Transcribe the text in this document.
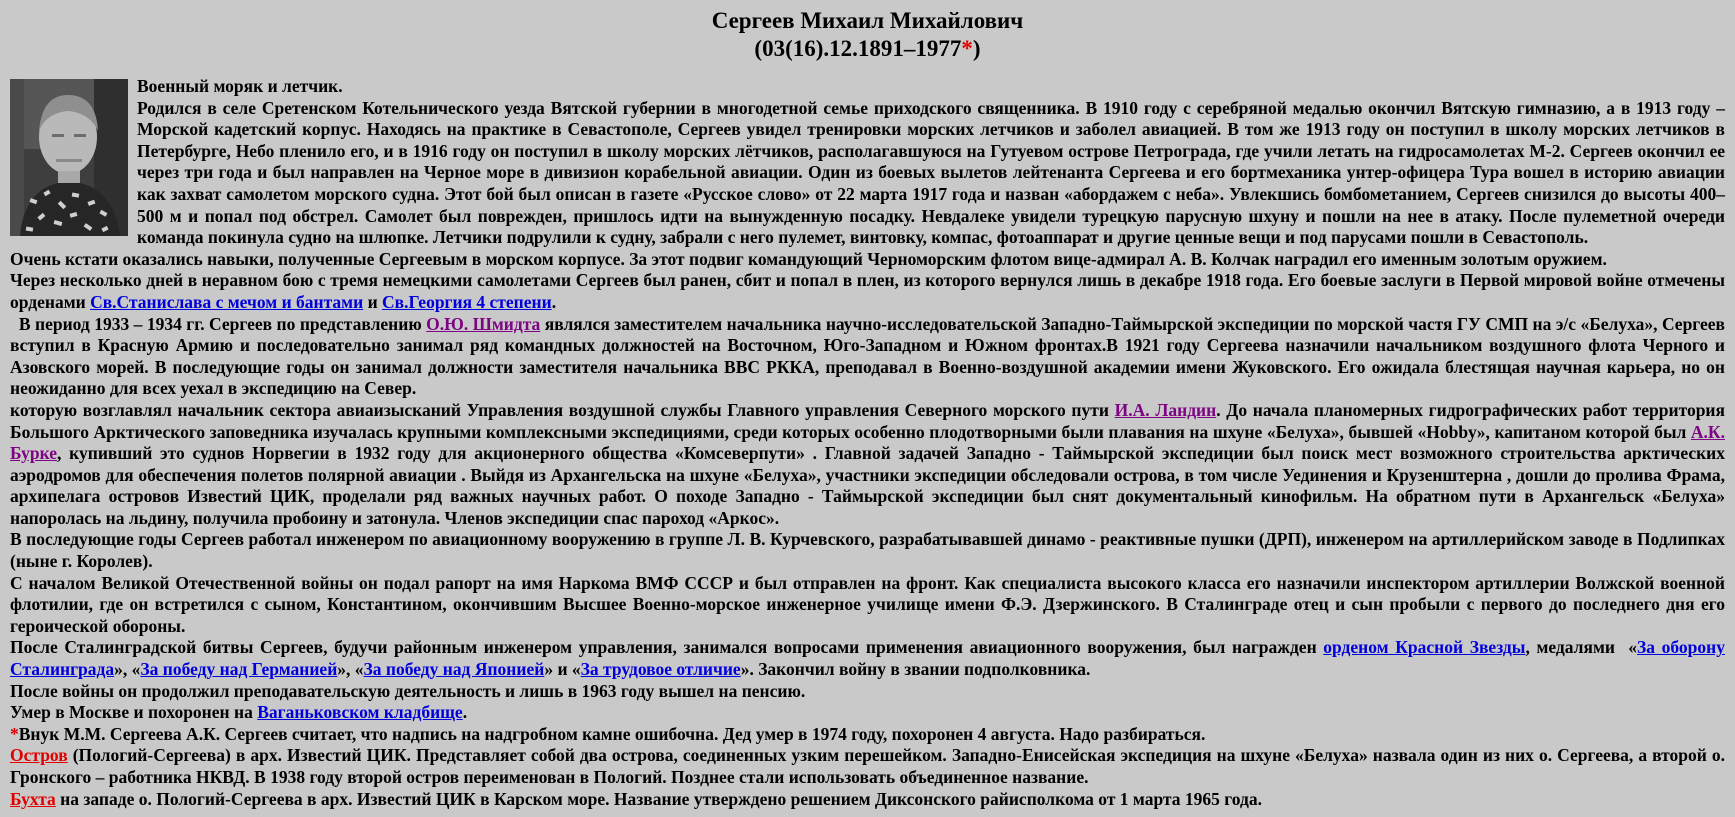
Сергеев Михаил Михайлович
(03(16).12.1891–1977*)
Военный моряк и летчик.
Родился в селе Сретенском Котельнического уезда Вятской губернии в многодетной семье приходского священника. В 1910 году с серебряной медалью окончил Вятскую гимназию, а в 1913 году – Морской кадетский корпус. Находясь на практике в Севастополе, Сергеев увидел тренировки морских летчиков и заболел авиацией. В том же 1913 году он поступил в школу морских летчиков в Петербурге, Небо пленило его, и в 1916 году он поступил в школу морских лётчиков, располагавшуюся на Гутуевом острове Петрограда, где учили летать на гидросамолетах М-2. Сергеев окончил ее через три года и был направлен на Черное море в дивизион корабельной авиации. Один из боевых вылетов лейтенанта Сергеева и его бортмеханика унтер-офицера Тура вошел в историю авиации как захват самолетом морского судна. Этот бой был описан в газете «Русское слово» от 22 марта 1917 года и назван «абордажем с неба». Увлекшись бомбометанием, Сергеев снизился до высоты 400–500 м и попал под обстрел. Самолет был поврежден, пришлось идти на вынужденную посадку. Невдалеке увидели турецкую парусную шхуну и пошли на нее в атаку. После пулеметной очереди команда покинула судно на шлюпке. Летчики подрулили к судну, забрали с него пулемет, винтовку, компас, фотоаппарат и другие ценные вещи и под парусами пошли в Севастополь.
Очень кстати оказались навыки, полученные Сергеевым в морском корпусе. За этот подвиг командующий Черноморским флотом вице-адмирал А. В. Колчак наградил его именным золотым оружием.
Через несколько дней в неравном бою с тремя немецкими самолетами Сергеев был ранен, сбит и попал в плен, из которого вернулся лишь в декабре 1918 года. Его боевые заслуги в Первой мировой войне отмечены орденами Св.Станислава с мечом и бантами и Св.Георгия 4 степени.
В период 1933 – 1934 гг. Сергеев по представлению О.Ю. Шмидта являлся заместителем начальника научно-исследовательской Западно-Таймырской экспедиции по морской частя ГУ СМП на э/с «Белуха», Сергеев вступил в Красную Армию и последовательно занимал ряд командных должностей на Восточном, Юго-Западном и Южном фронтах.В 1921 году Сергеева назначили начальником воздушного флота Черного и Азовского морей. В последующие годы он занимал должности заместителя начальника ВВС РККА, преподавал в Военно-воздушной академии имени Жуковского. Его ожидала блестящая научная карьера, но он неожиданно для всех уехал в экспедицию на Север.
которую возглавлял начальник сектора авиаизысканий Управления воздушной службы Главного управления Северного морского пути И.А. Ландин. До начала планомерных гидрографических работ территория Большого Арктического заповедника изучалась крупными комплексными экспедициями, среди которых особенно плодотворными были плавания на шхуне «Белуха», бывшей «Hobby», капитаном которой был А.К. Бурке, купивший это суднов Норвегии в 1932 году для акционерного общества «Комсеверпути» . Главной задачей Западно - Таймырской экспедиции был поиск мест возможного строительства арктических аэродромов для обеспечения полетов полярной авиации . Выйдя из Архангельска на шхуне «Белуха», участники экспедиции обследовали острова, в том числе Уединения и Крузенштерна , дошли до пролива Фрама, архипелага островов Известий ЦИК, проделали ряд важных научных работ. О походе Западно - Таймырской экспедиции был снят документальный кинофильм. На обратном пути в Архангельск «Белуха» напоролась на льдину, получила пробоину и затонула. Членов экспедиции спас пароход «Аркос».
В последующие годы Сергеев работал инженером по авиационному вооружению в группе Л. В. Курчевского, разрабатывавшей динамо - реактивные пушки (ДРП), инженером на артиллерийском заводе в Подлипках (ныне г. Королев).
С началом Великой Отечественной войны он подал рапорт на имя Наркома ВМФ СССР и был отправлен на фронт. Как специалиста высокого класса его назначили инспектором артиллерии Волжской военной флотилии, где он встретился с сыном, Константином, окончившим Высшее Военно-морское инженерное училище имени Ф.Э. Дзержинского. В Сталинграде отец и сын пробыли с первого до последнего дня его героической обороны.
После Сталинградской битвы Сергеев, будучи районным инженером управления, занимался вопросами применения авиационного вооружения, был награжден орденом Красной Звезды, медалями  «За оборону Сталинграда», «За победу над Германией», «За победу над Японией» и «За трудовое отличие». Закончил войну в звании подполковника.
После войны он продолжил преподавательскую деятельность и лишь в 1963 году вышел на пенсию.
Умер в Москве и похоронен на Ваганьковском кладбище.
*Внук М.М. Сергеева А.К. Сергеев считает, что надпись на надгробном камне ошибочна. Дед умер в 1974 году, похоронен 4 августа. Надо разбираться.
Остров (Пологий-Сергеева) в арх. Известий ЦИК. Представляет собой два острова, соединенных узким перешейком. Западно-Енисейская экспедиция на шхуне «Белуха» назвала один из них о. Сергеева, а второй о. Гронского – работника НКВД. В 1938 году второй остров переименован в Пологий. Позднее стали использовать объединенное название.
Бухта на западе о. Пологий-Сергеева в арх. Известий ЦИК в Карском море. Название утверждено решением Диксонского райисполкома от 1 марта 1965 года.
